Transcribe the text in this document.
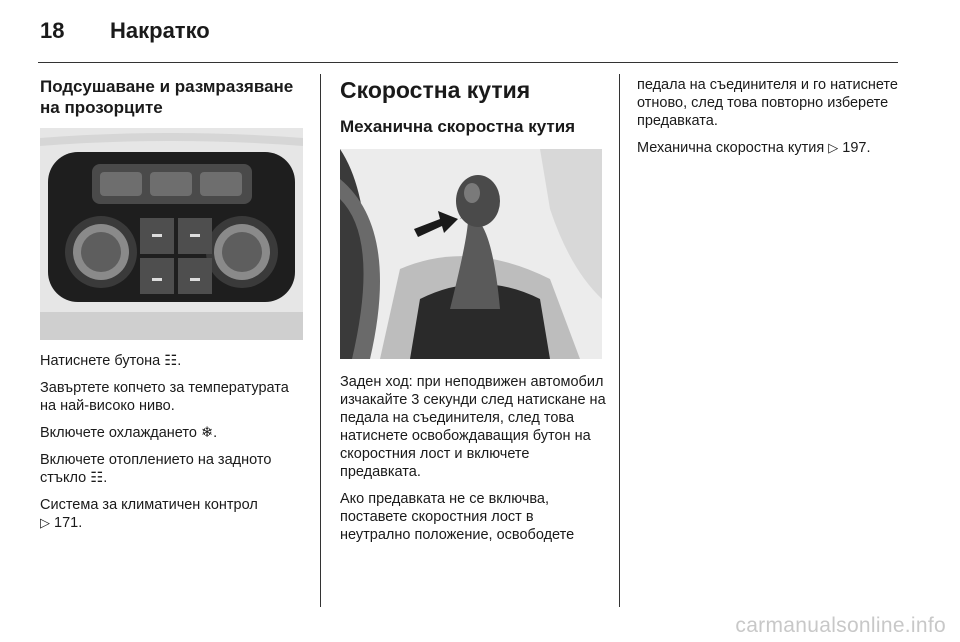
18	Накратко
Подсушаване и размразяване на прозорците

Натиснете бутона ☷.

Завъртете копчето за температурата на най-високо ниво.

Включете охлаждането ❄.

Включете отоплението на задното стъкло ☷.

Система за климатичен контрол
▷ 171.

Скоростна кутия
Механична скоростна кутия

Заден ход: при неподвижен автомобил изчакайте 3 секунди след натискане на педала на съединителя, след това натиснете освобождаващия бутон на скоростния лост и включете предавката.

Ако предавката не се включва, поставете скоростния лост в неутрално положение, освободете

педала на съединителя и го натиснете отново, след това повторно изберете предавката.

Механична скоростна кутия ▷ 197.

carmanualsonline.info
